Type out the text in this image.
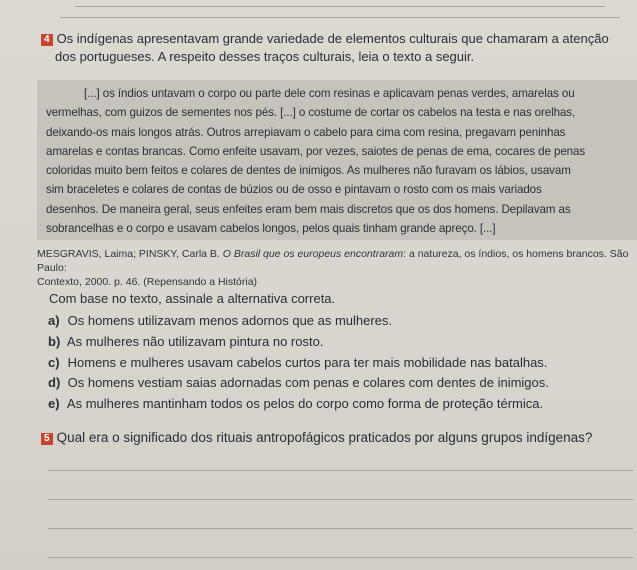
4 Os indígenas apresentavam grande variedade de elementos culturais que chamaram a atenção
dos portugueses. A respeito desses traços culturais, leia o texto a seguir.

[...] os índios untavam o corpo ou parte dele com resinas e aplicavam penas verdes, amarelas ou

vermelhas, com guizos de sementes nos pés. [...] o costume de cortar os cabelos na testa e nas orelhas,

deixando-os mais longos atrás. Outros arrepiavam o cabelo para cima com resina, pregavam peninhas

amarelas e contas brancas. Como enfeite usavam, por vezes, saiotes de penas de ema, cocares de penas

coloridas muito bem feitos e colares de dentes de inimigos. As mulheres não furavam os lábios, usavam

sim braceletes e colares de contas de búzios ou de osso e pintavam o rosto com os mais variados

desenhos. De maneira geral, seus enfeites eram bem mais discretos que os dos homens. Depilavam as

sobrancelhas e o corpo e usavam cabelos longos, pelos quais tinham grande apreço. [...]

MESGRAVIS, Laima; PINSKY, Carla B. O Brasil que os europeus encontraram: a natureza, os índios, os homens brancos. São Paulo:
Contexto, 2000. p. 46. (Repensando a História)
Com base no texto, assinale a alternativa correta.
a) Os homens utilizavam menos adornos que as mulheres.
b) As mulheres não utilizavam pintura no rosto.
c) Homens e mulheres usavam cabelos curtos para ter mais mobilidade nas batalhas.
d) Os homens vestiam saias adornadas com penas e colares com dentes de inimigos.
e) As mulheres mantinham todos os pelos do corpo como forma de proteção térmica.
5 Qual era o significado dos rituais antropofágicos praticados por alguns grupos indígenas?
